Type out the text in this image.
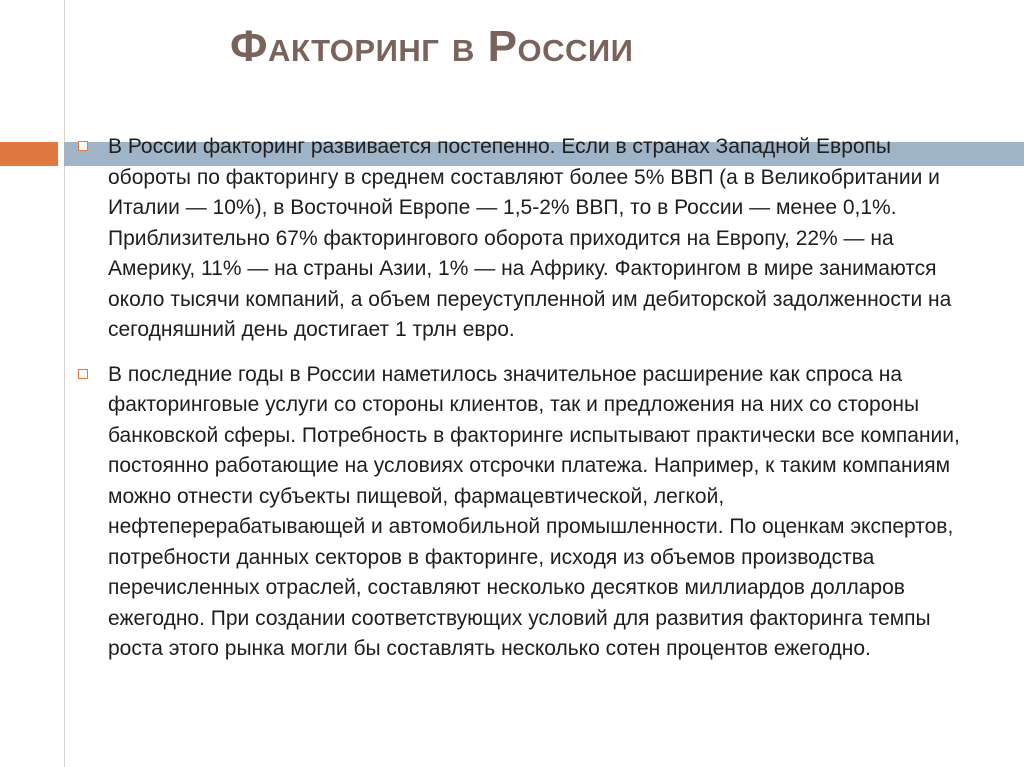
Факторинг в России
В России факторинг развивается постепенно. Если в странах Западной Европы обороты по факторингу в среднем составляют более 5% ВВП (а в Великобритании и Италии — 10%), в Восточной Европе — 1,5-2% ВВП, то в России — менее 0,1%. Приблизительно 67% факторингового оборота приходится на Европу, 22% — на Америку, 11% — на страны Азии, 1% — на Африку. Факторингом в мире занимаются около тысячи компаний, а объем переуступленной им дебиторской задолженности на сегодняшний день достигает 1 трлн евро.
В последние годы в России наметилось значительное расширение как спроса на факторинговые услуги со стороны клиентов, так и предложения на них со стороны банковской сферы. Потребность в факторинге испытывают практически все компании, постоянно работающие на условиях отсрочки платежа. Например, к таким компаниям можно отнести субъекты пищевой, фармацевтической, легкой, нефтеперерабатывающей и автомобильной промышленности. По оценкам экспертов, потребности данных секторов в факторинге, исходя из объемов производства перечисленных отраслей, составляют несколько десятков миллиардов долларов ежегодно. При создании соответствующих условий для развития факторинга темпы роста этого рынка могли бы составлять несколько сотен процентов ежегодно.
